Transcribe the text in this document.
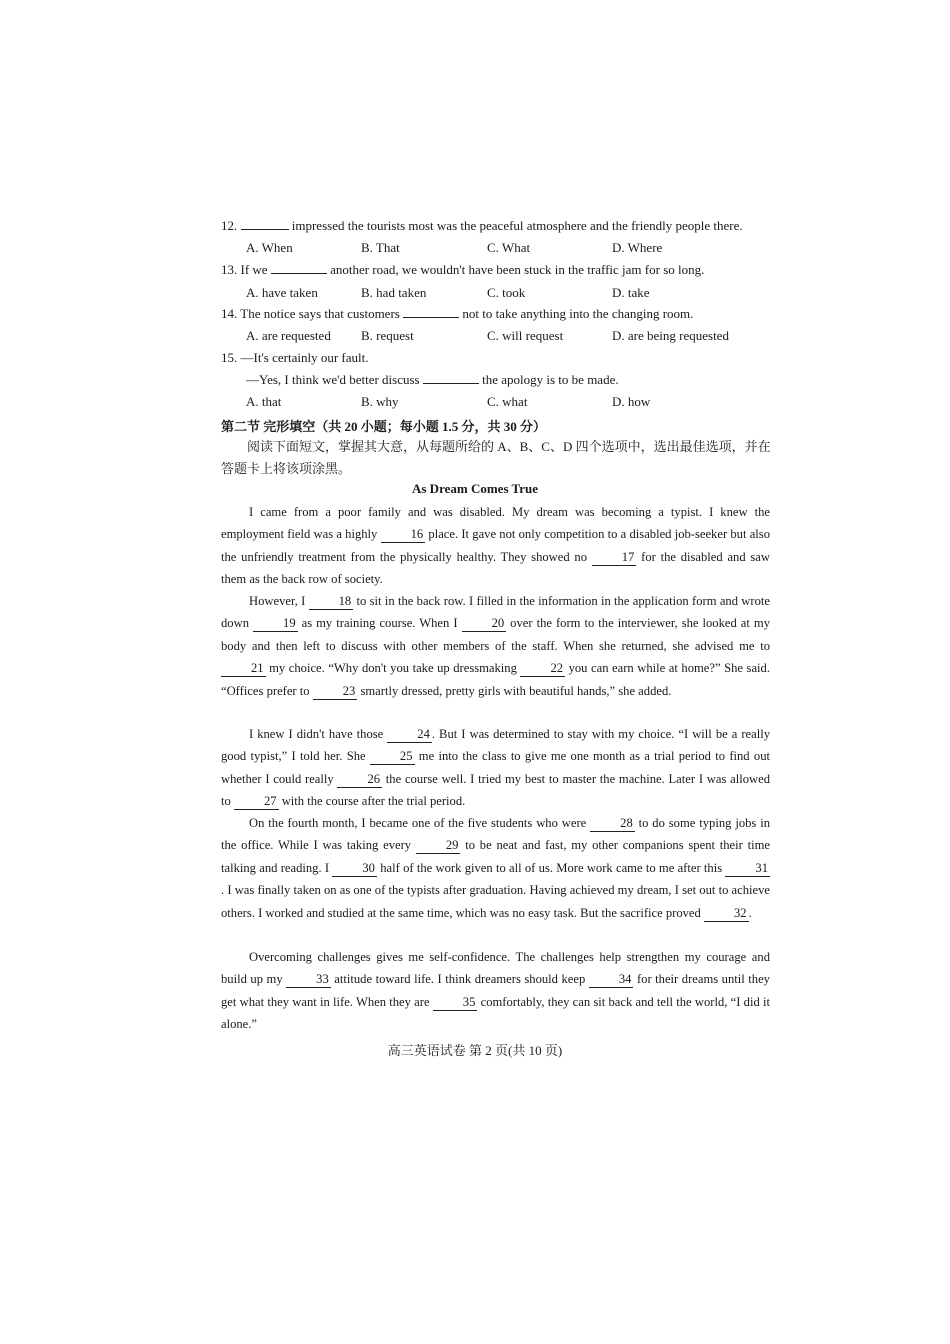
12.	impressed the tourists most was the peaceful atmosphere and the friendly people there.
A. When	B. That	C. What	D. Where
13. If we	another road, we wouldn't have been stuck in the traffic jam for so long.
A. have taken	B. had taken	C. took	D. take
14. The notice says that customers	not to take anything into the changing room.
A. are requested B. request	C. will request	D. are being requested
15. —It's certainly our fault.
—Yes, I think we'd better discuss	the apology is to be made.
A. that	B. why	C. what	D. how
第二节 完形填空（共 20 小题；每小题 1.5 分，共 30 分）
阅读下面短文，掌握其大意，从每题所给的 A、B、C、D 四个选项中，选出最佳选项，并在答题卡上将该项涂黑。
As Dream Comes True
I came from a poor family and was disabled. My dream was becoming a typist. I knew the employment field was a highly 16 place. It gave not only competition to a disabled job-seeker but also the unfriendly treatment from the physically healthy. They showed no 17 for the disabled and saw them as the back row of society.
However, I 18 to sit in the back row. I filled in the information in the application form and wrote down 19 as my training course. When I 20 over the form to the interviewer, she looked at my body and then left to discuss with other members of the staff. When she returned, she advised me to 21 my choice. “Why don't you take up dressmaking 22 you can earn while at home?” She said. “Offices prefer to 23 smartly dressed, pretty girls with beautiful hands,” she added.
I knew I didn't have those 24 . But I was determined to stay with my choice. “I will be a really good typist,” I told her. She 25 me into the class to give me one month as a trial period to find out whether I could really 26 the course well. I tried my best to master the machine. Later I was allowed to 27 with the course after the trial period.
On the fourth month, I became one of the five students who were 28 to do some typing jobs in the office. While I was taking every 29 to be neat and fast, my other companions spent their time talking and reading. I 30 half of the work given to all of us. More work came to me after this 31. I was finally taken on as one of the typists after graduation. Having achieved my dream, I set out to achieve others. I worked and studied at the same time, which was no easy task. But the sacrifice proved 32 .
Overcoming challenges gives me self-confidence. The challenges help strengthen my courage and build up my 33 attitude toward life. I think dreamers should keep 34 for their dreams until they get what they want in life. When they are 35 comfortably, they can sit back and tell the world, “I did it alone.”
高三英语试卷 第 2 页(共 10 页)
